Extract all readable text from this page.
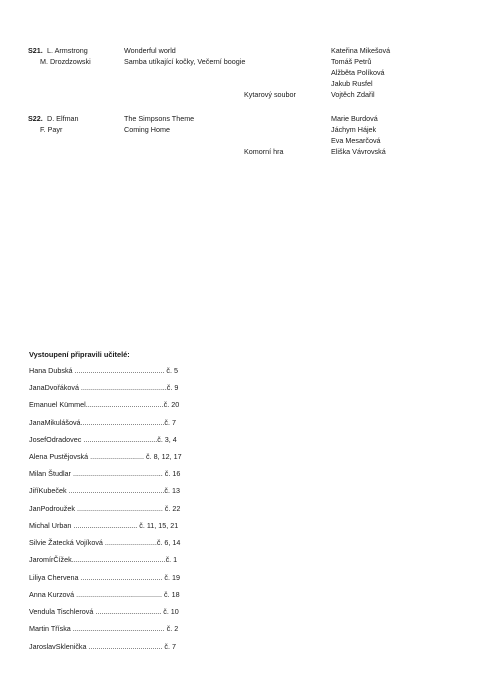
S21. L. Armstrong	Wonderful world	Kateřina Mikešová
M. Drozdzowski	Samba utíkající kočky, Večerní boogie	Tomáš Petrů
Alžběta Políková
Jakub Rusfel
Kytarový soubor	Vojtěch Zdařil
S22. D. Elfman	The Simpsons Theme	Marie Burdová
F. Payr	Coming Home	Jáchym Hájek
Eva Mesarčová
Komorní hra	Eliška Vávrovská
Vystoupení připravili učitelé:
Hana Dubská ............................................. č. 5
JanaDvořáková ...........................................č. 9
Emanuel Kümmel.......................................č. 20
JanaMikulášová..........................................č. 7
JosefOdradovec .....................................č. 3, 4
Alena Pustějovská ........................... č. 8, 12, 17
Milan Študlar ............................................. č. 16
JiříKubeček ................................................č. 13
JanPodroužek ........................................... č. 22
Michal Urban ................................ č. 11, 15, 21
Silvie Žatecká Vojíková ..........................č. 6, 14
JaromírČížek...............................................č. 1
Liliya Chervena ......................................... č. 19
Anna Kurzová ........................................... č. 18
Vendula Tischlerová ................................. č. 10
Martin Tříska .............................................. č. 2
JaroslavSklenička ..................................... č. 7
